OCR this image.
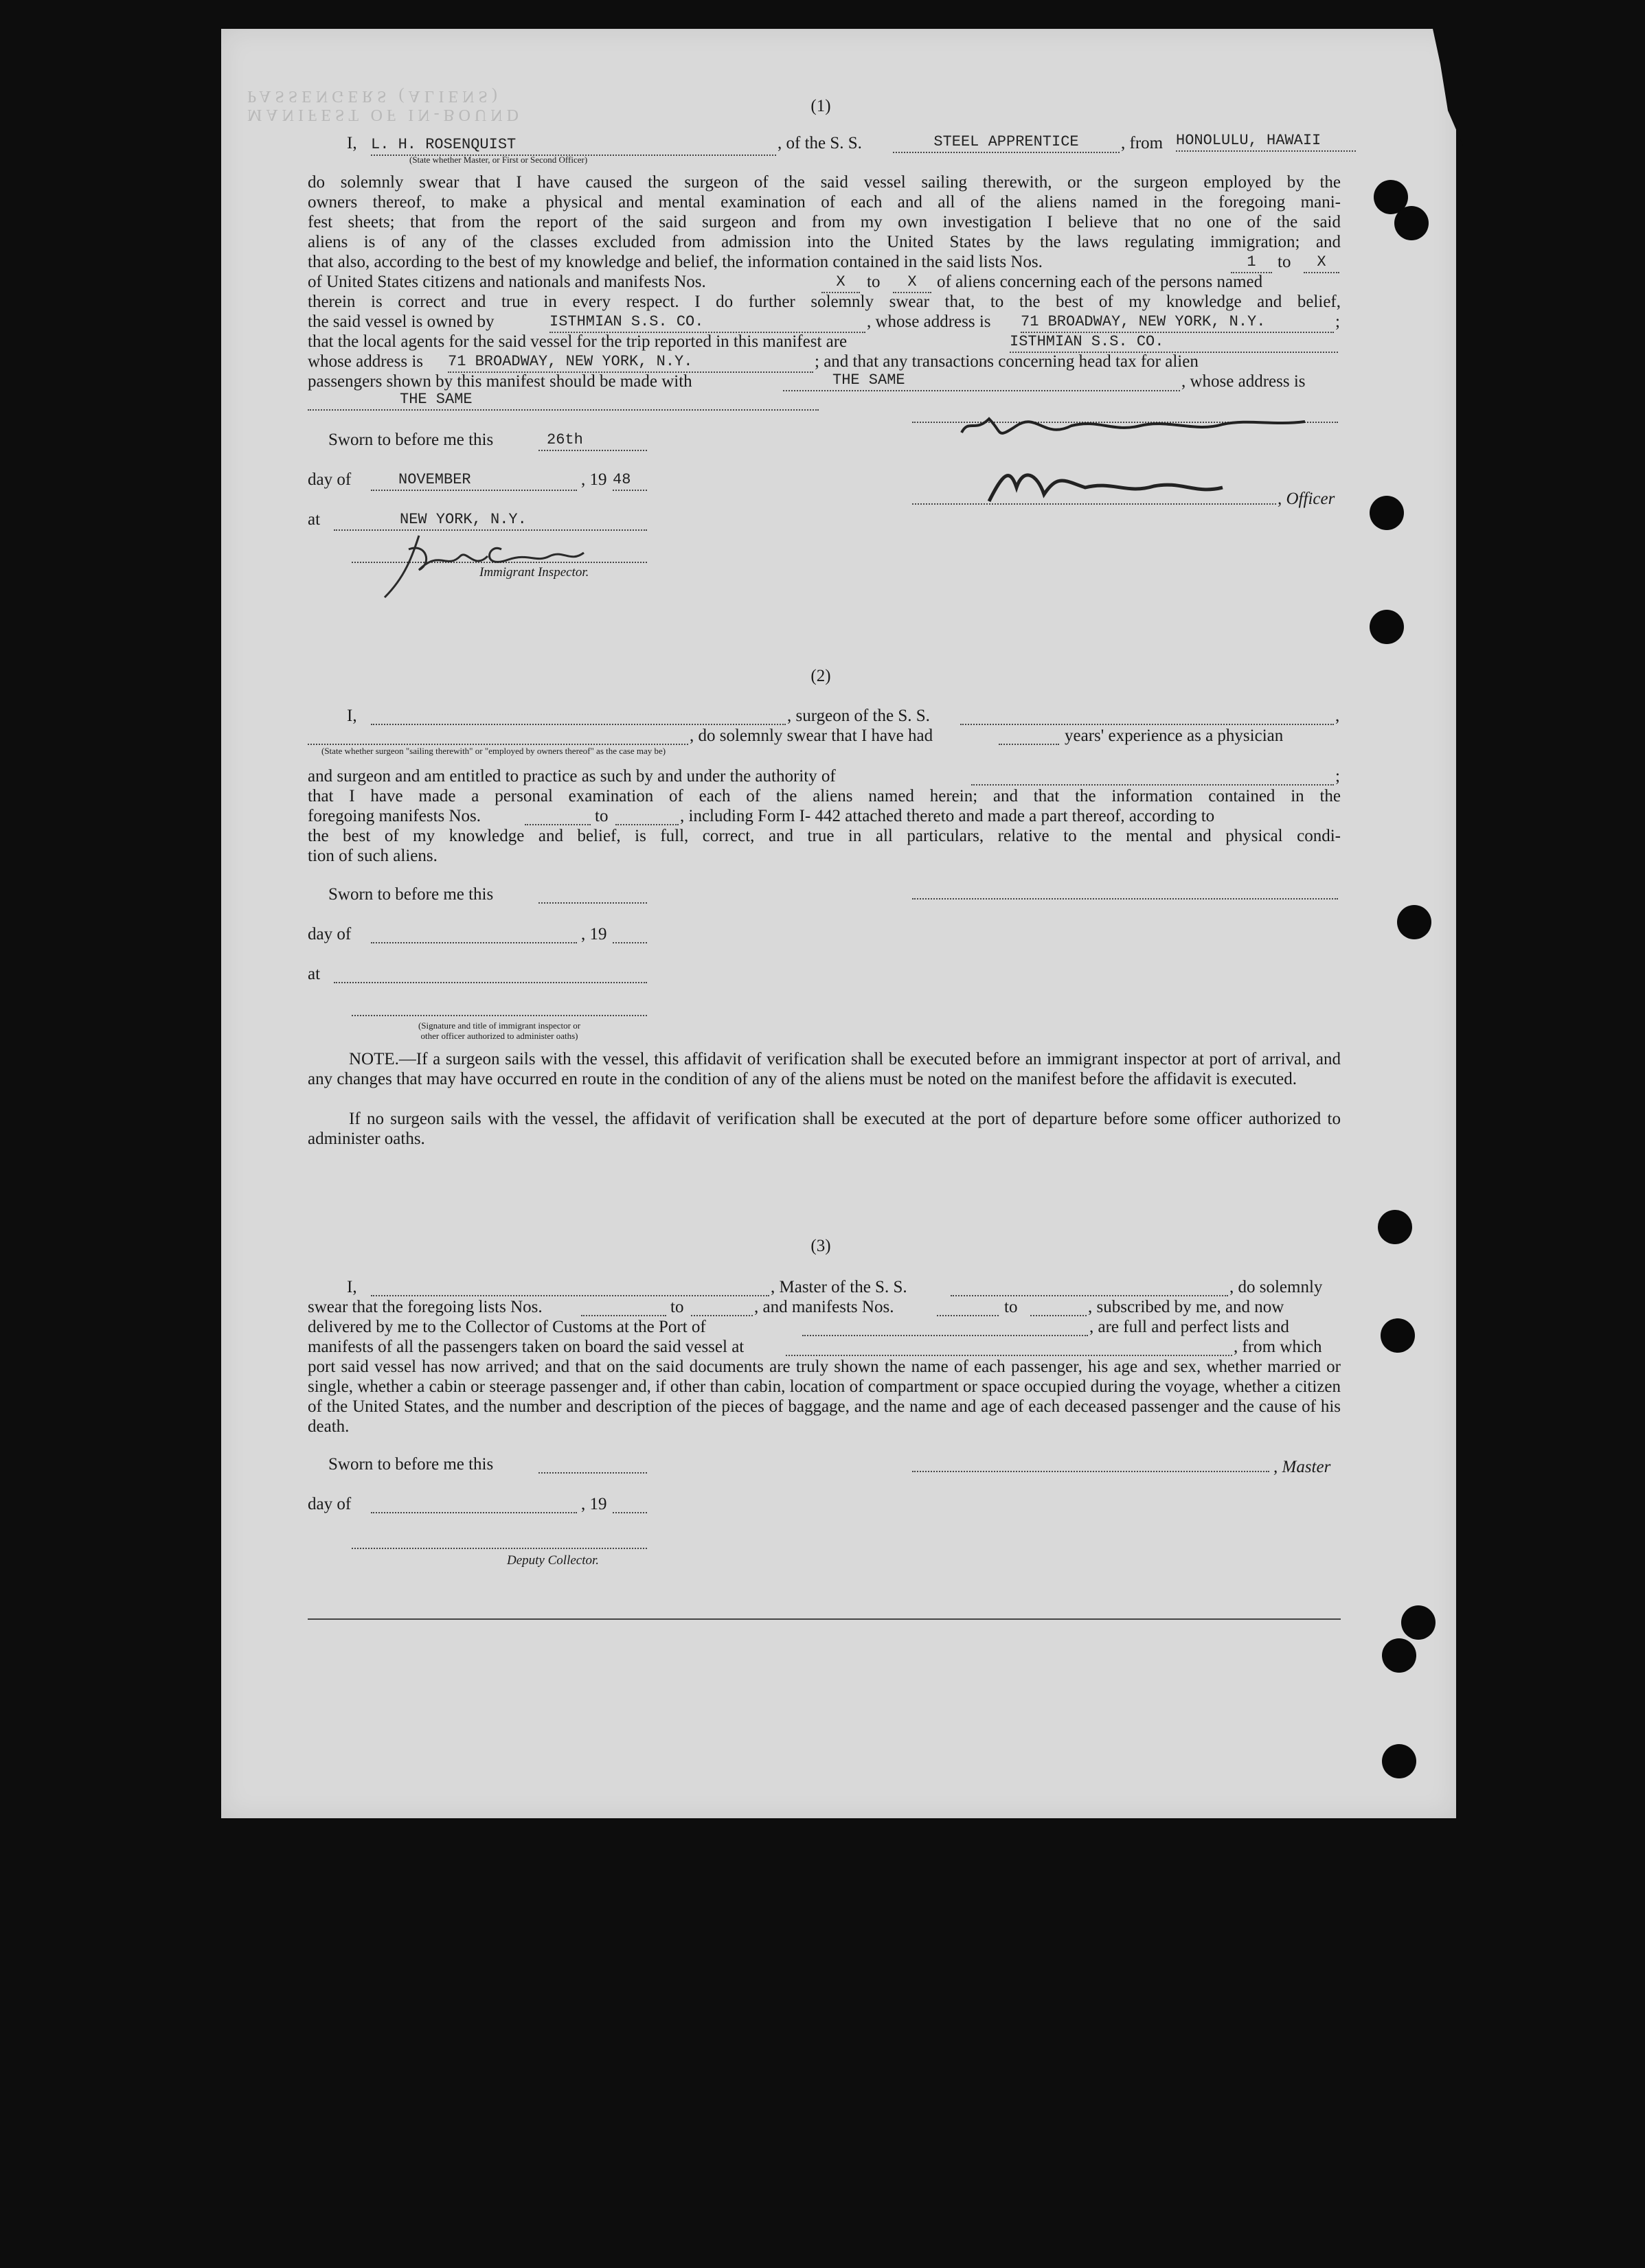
MANIFEST OF IN-BOUND PASSENGERS (ALIENS)
(1)
I, L. H. ROSENQUIST
(State whether Master, or First or Second Officer)
, of the S. S.	STEEL APPRENTICE	, from HONOLULU, HAWAII
do solemnly swear that I have caused the surgeon of the said vessel sailing therewith, or the surgeon employed by the
owners thereof, to make a physical and mental examination of each and all of the aliens named in the foregoing mani-
fest sheets; that from the report of the said surgeon and from my own investigation I believe that no one of the said
aliens is of any of the classes excluded from admission into the United States by the laws regulating immigration; and
that also, according to the best of my knowledge and belief, the information contained in the said lists Nos.	1	to	X
of United States citizens and nationals and manifests Nos.	X	to	X	of aliens concerning each of the persons named
therein is correct and true in every respect. I do further solemnly swear that, to the best of my knowledge and belief,
the said vessel is owned by	ISTHMIAN S.S. CO.	, whose address is 71 BROADWAY, NEW YORK, N.Y.	;
that the local agents for the said vessel for the trip reported in this manifest are	ISTHMIAN S.S. CO.
whose address is 71 BROADWAY, NEW YORK, N.Y.	; and that any transactions concerning head tax for alien
passengers shown by this manifest should be made with	THE SAME	, whose address is
THE SAME
Sworn to before me this	26th
day of	NOVEMBER	, 19 48
at	NEW YORK, N.Y.
Immigrant Inspector.
, Officer
(2)
I,	, surgeon of the S. S.	,
, do solemnly swear that I have had	years' experience as a physician
(State whether surgeon "sailing therewith" or "employed by owners thereof" as the case may be)
and surgeon and am entitled to practice as such by and under the authority of	;
that I have made a personal examination of each of the aliens named herein; and that the information contained in the
foregoing manifests Nos.	to	, including Form I- 442 attached thereto and made a part thereof, according to
the best of my knowledge and belief, is full, correct, and true in all particulars, relative to the mental and physical condi-
tion of such aliens.
Sworn to before me this
day of	, 19
at
(Signature and title of immigrant inspector or
other officer authorized to administer oaths)
NOTE.—If a surgeon sails with the vessel, this affidavit of verification shall be executed before an immigrant inspector at port of arrival, and any changes that may have occurred en route in the condition of any of the aliens must be noted on the manifest before the affidavit is executed.
If no surgeon sails with the vessel, the affidavit of verification shall be executed at the port of departure before some officer authorized to administer oaths.
(3)
I,	, Master of the S. S.	, do solemnly
swear that the foregoing lists Nos.	to	, and manifests Nos.	to	, subscribed by me, and now
delivered by me to the Collector of Customs at the Port of	, are full and perfect lists and
manifests of all the passengers taken on board the said vessel at	, from which
port said vessel has now arrived; and that on the said documents are truly shown the name of each passenger, his age and sex, whether married or single, whether a cabin or steerage passenger and, if other than cabin, location of compartment or space occupied during the voyage, whether a citizen of the United States, and the number and description of the pieces of baggage, and the name and age of each deceased passenger and the cause of his death.
Sworn to before me this	, Master
day of	, 19
Deputy Collector.
